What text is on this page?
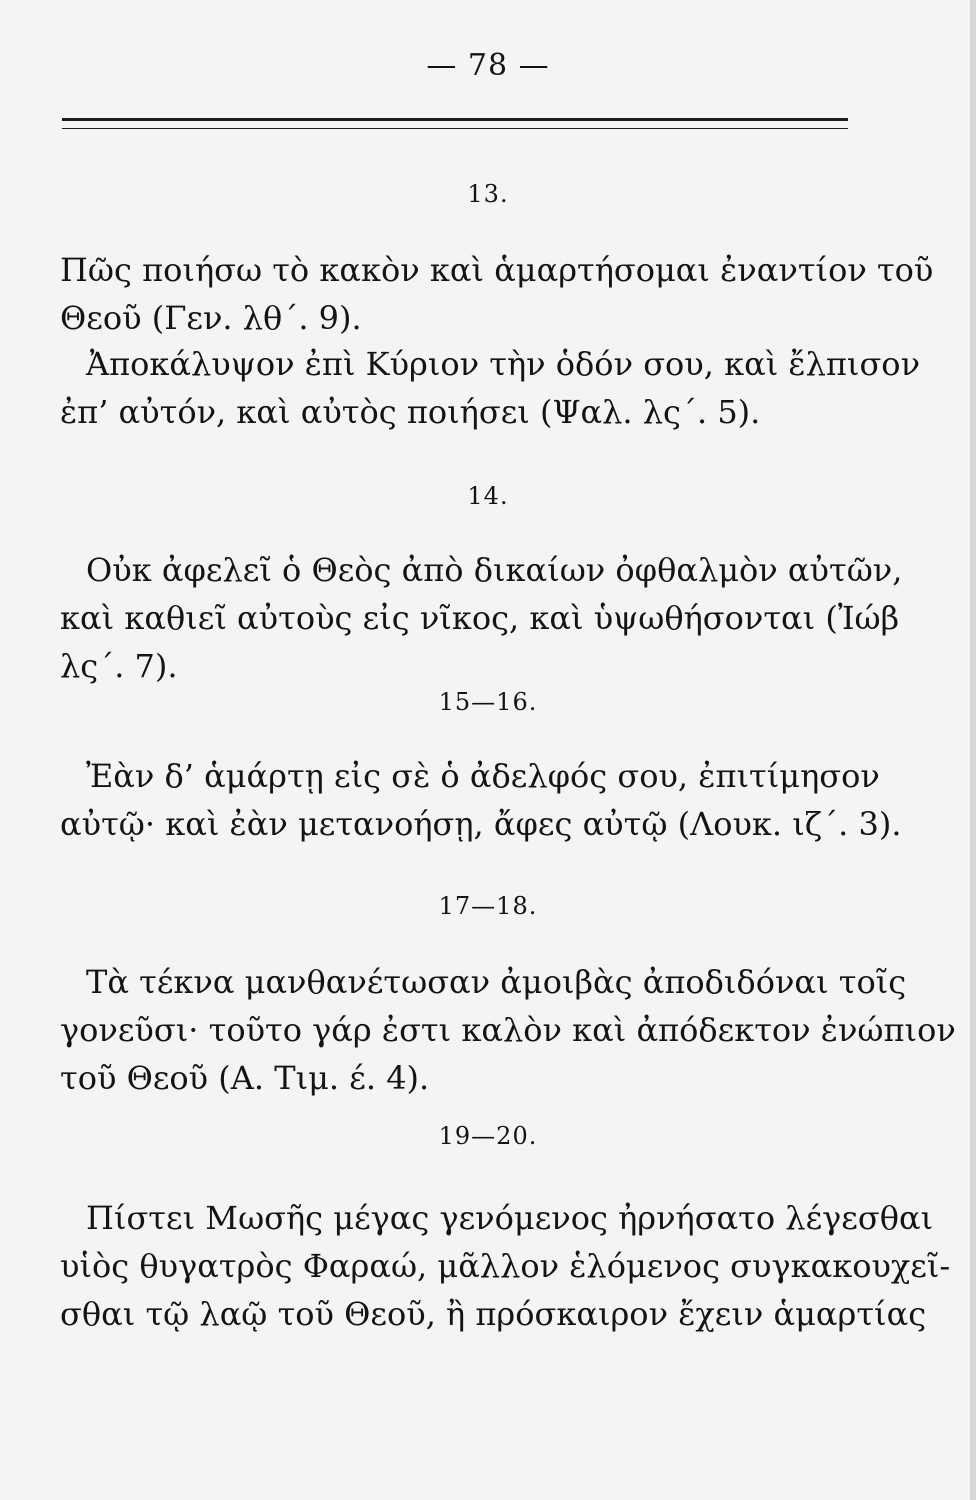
— 78 —
13.
Πῶς ποιήσω τὸ κακὸν καὶ ἁμαρτήσομαι ἐναντίον τοῦ
Θεοῦ (Γεν. λθ΄. 9).
Ἀποκάλυψον ἐπὶ Κύριον τὴν ὁδόν σου, καὶ ἔλπισον
ἐπ’ αὐτόν, καὶ αὐτὸς ποιήσει (Ψαλ. λς΄. 5).
14.
Οὐκ ἀφελεῖ ὁ Θεὸς ἀπὸ δικαίων ὀφθαλμὸν αὐτῶν,
καὶ καθιεῖ αὐτοὺς εἰς νῖκος, καὶ ὑψωθήσονται (Ἰώβ
λς΄. 7).
15—16.
Ἐὰν δ’ ἁμάρτῃ εἰς σὲ ὁ ἀδελφός σου, ἐπιτίμησον
αὐτῷ· καὶ ἐὰν μετανοήσῃ, ἄφες αὐτῷ (Λουκ. ιζ΄. 3).
17—18.
Τὰ τέκνα μανθανέτωσαν ἀμοιβὰς ἀποδιδόναι τοῖς
γονεῦσι· τοῦτο γάρ ἐστι καλὸν καὶ ἀπόδεκτον ἐνώπιον
τοῦ Θεοῦ (Α. Τιμ. έ. 4).
19—20.
Πίστει Μωσῆς μέγας γενόμενος ἠρνήσατο λέγεσθαι
υἱὸς θυγατρὸς Φαραώ, μᾶλλον ἑλόμενος συγκακουχεῖ-
σθαι τῷ λαῷ τοῦ Θεοῦ, ἢ πρόσκαιρον ἔχειν ἁμαρτίας
